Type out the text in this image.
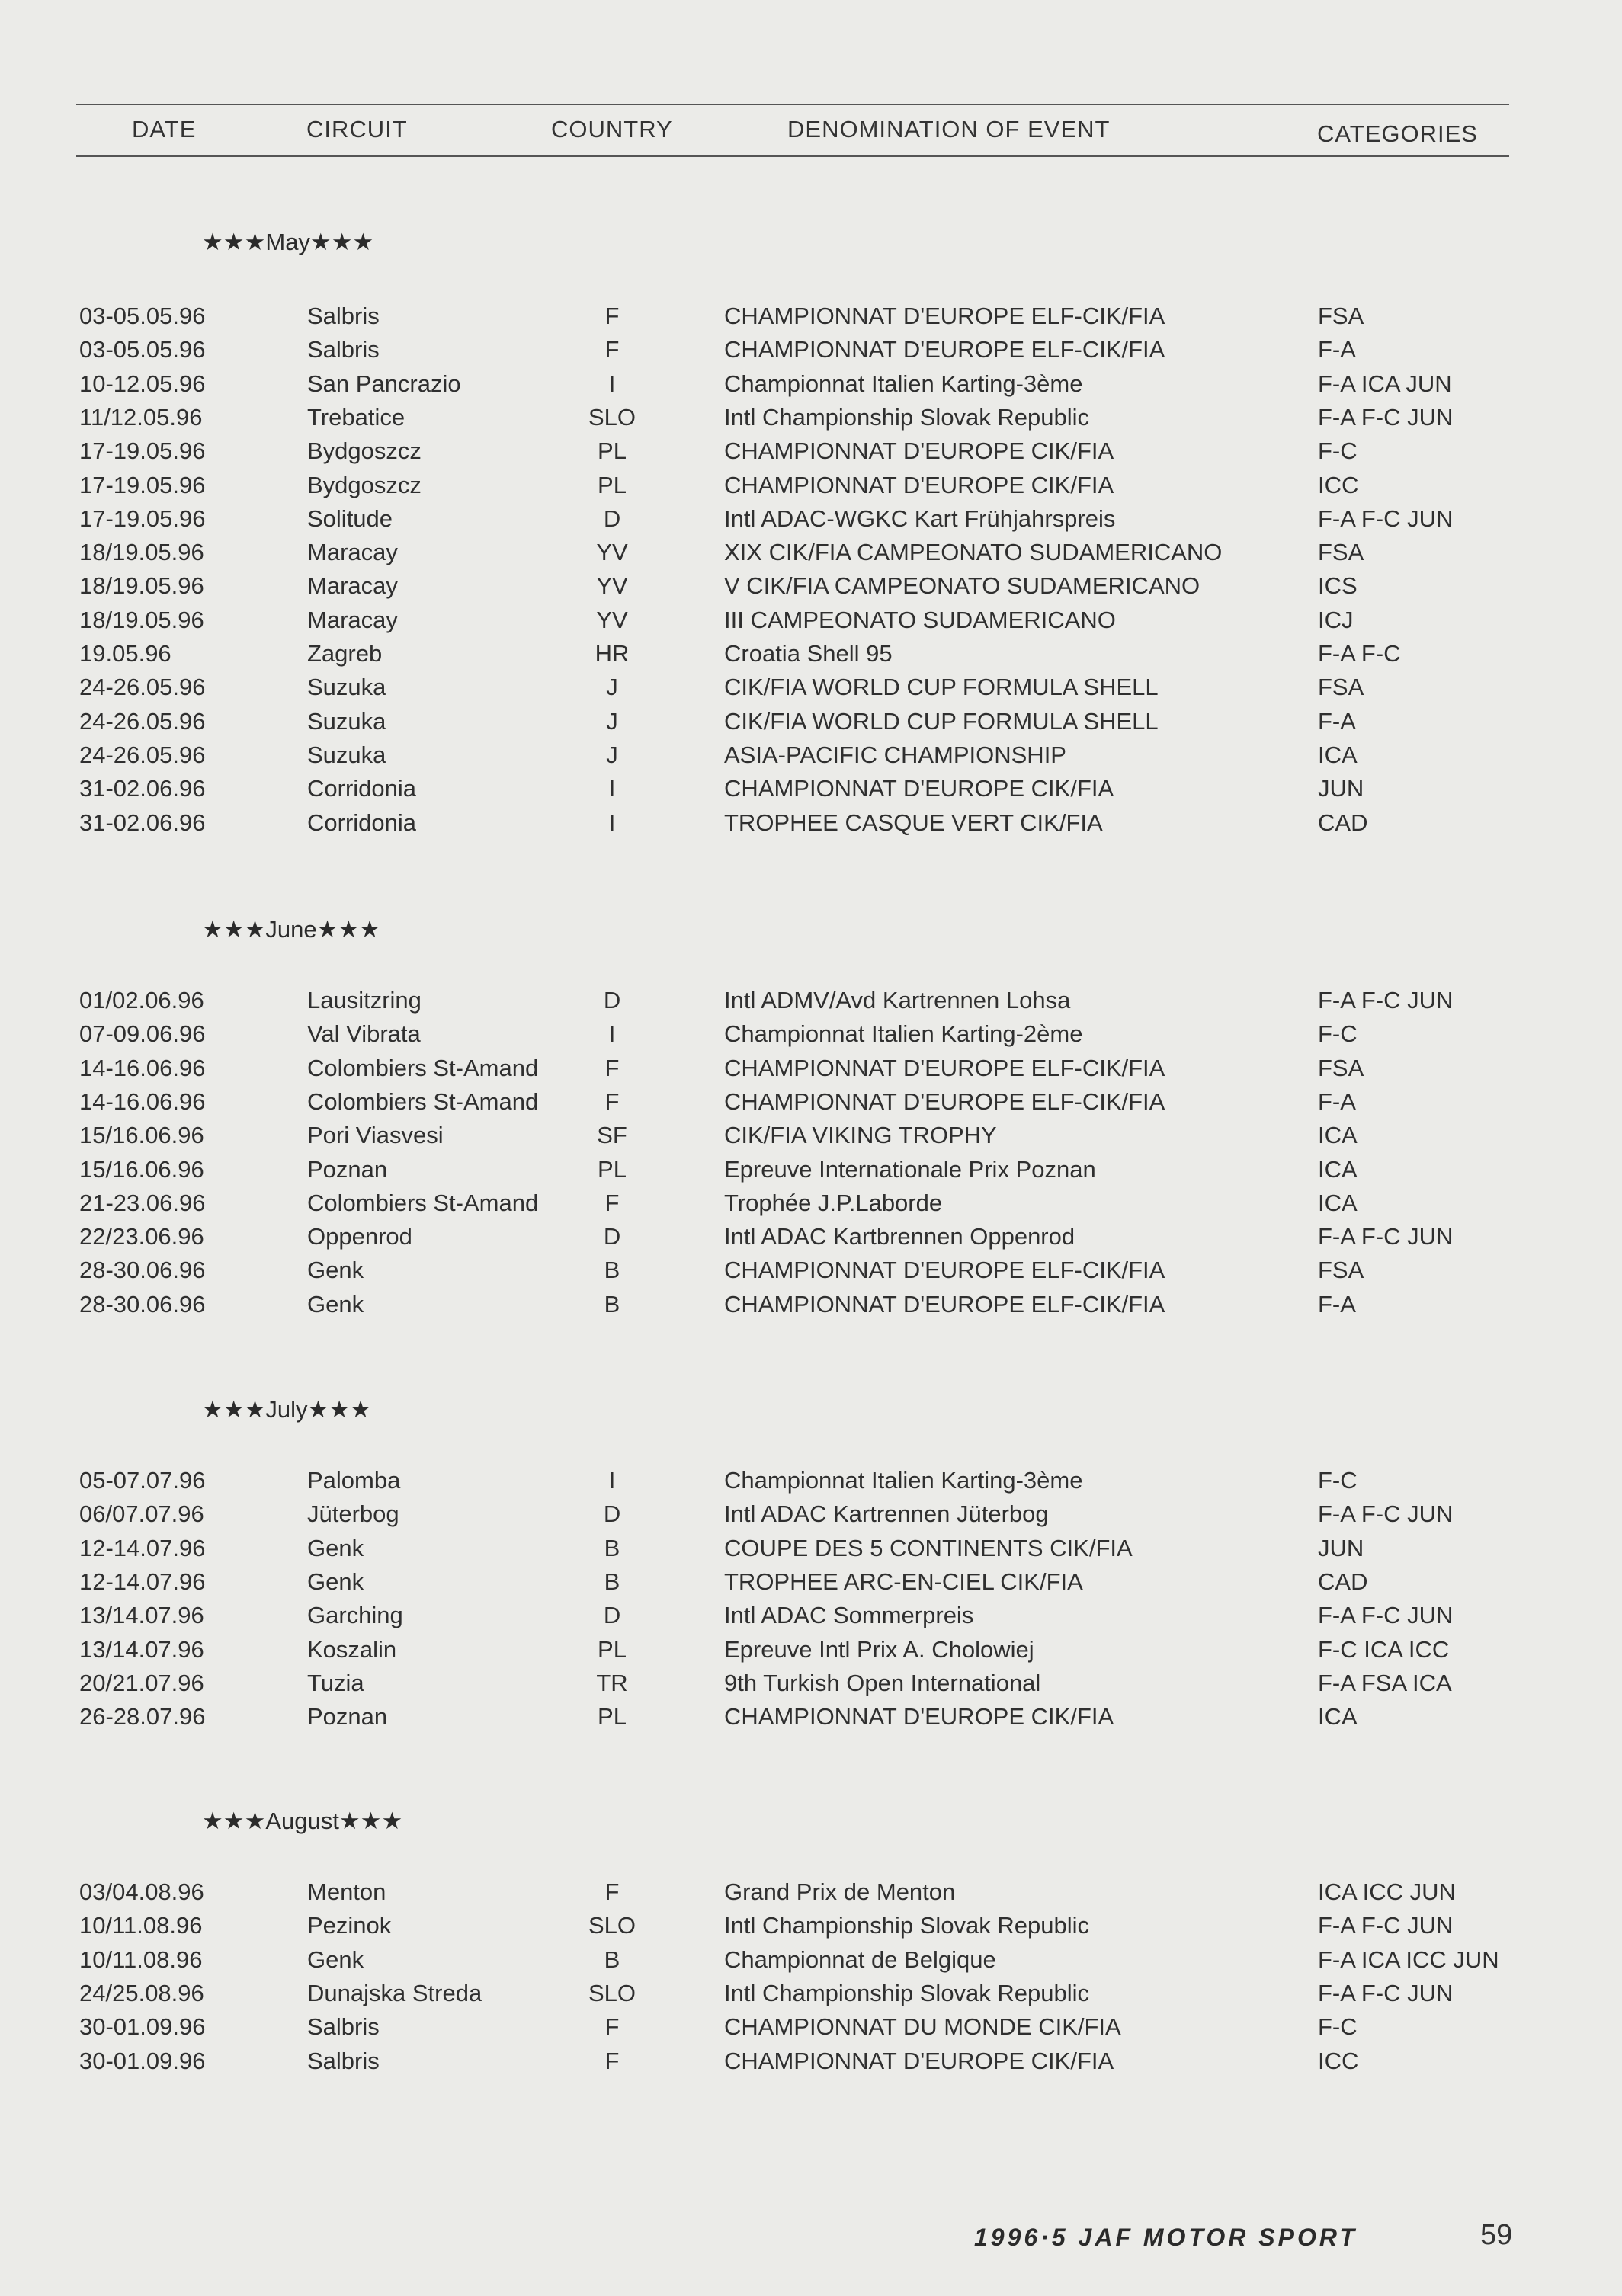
DATE	CIRCUIT	COUNTRY	DENOMINATION OF EVENT	CATEGORIES
★★★May★★★
03-05.05.96	Salbris	F	CHAMPIONNAT D'EUROPE ELF-CIK/FIA	FSA
03-05.05.96	Salbris	F	CHAMPIONNAT D'EUROPE ELF-CIK/FIA	F-A
10-12.05.96	San Pancrazio	I	Championnat Italien Karting-3ème	F-A ICA JUN
11/12.05.96	Trebatice	SLO	Intl Championship Slovak Republic	F-A F-C JUN
17-19.05.96	Bydgoszcz	PL	CHAMPIONNAT D'EUROPE CIK/FIA	F-C
17-19.05.96	Bydgoszcz	PL	CHAMPIONNAT D'EUROPE CIK/FIA	ICC
17-19.05.96	Solitude	D	Intl ADAC-WGKC Kart Frühjahrspreis	F-A F-C JUN
18/19.05.96	Maracay	YV	XIX CIK/FIA CAMPEONATO SUDAMERICANO	FSA
18/19.05.96	Maracay	YV	V CIK/FIA CAMPEONATO SUDAMERICANO	ICS
18/19.05.96	Maracay	YV	III CAMPEONATO SUDAMERICANO	ICJ
19.05.96	Zagreb	HR	Croatia Shell 95	F-A F-C
24-26.05.96	Suzuka	J	CIK/FIA WORLD CUP FORMULA SHELL	FSA
24-26.05.96	Suzuka	J	CIK/FIA WORLD CUP FORMULA SHELL	F-A
24-26.05.96	Suzuka	J	ASIA-PACIFIC CHAMPIONSHIP	ICA
31-02.06.96	Corridonia	I	CHAMPIONNAT D'EUROPE CIK/FIA	JUN
31-02.06.96	Corridonia	I	TROPHEE CASQUE VERT CIK/FIA	CAD
★★★June★★★
01/02.06.96	Lausitzring	D	Intl ADMV/Avd Kartrennen Lohsa	F-A F-C JUN
07-09.06.96	Val Vibrata	I	Championnat Italien Karting-2ème	F-C
14-16.06.96	Colombiers St-Amand	F	CHAMPIONNAT D'EUROPE ELF-CIK/FIA	FSA
14-16.06.96	Colombiers St-Amand	F	CHAMPIONNAT D'EUROPE ELF-CIK/FIA	F-A
15/16.06.96	Pori Viasvesi	SF	CIK/FIA VIKING TROPHY	ICA
15/16.06.96	Poznan	PL	Epreuve Internationale Prix Poznan	ICA
21-23.06.96	Colombiers St-Amand	F	Trophée J.P.Laborde	ICA
22/23.06.96	Oppenrod	D	Intl ADAC Kartbrennen Oppenrod	F-A F-C JUN
28-30.06.96	Genk	B	CHAMPIONNAT D'EUROPE ELF-CIK/FIA	FSA
28-30.06.96	Genk	B	CHAMPIONNAT D'EUROPE ELF-CIK/FIA	F-A
★★★July★★★
05-07.07.96	Palomba	I	Championnat Italien Karting-3ème	F-C
06/07.07.96	Jüterbog	D	Intl ADAC Kartrennen Jüterbog	F-A F-C JUN
12-14.07.96	Genk	B	COUPE DES 5 CONTINENTS CIK/FIA	JUN
12-14.07.96	Genk	B	TROPHEE ARC-EN-CIEL CIK/FIA	CAD
13/14.07.96	Garching	D	Intl ADAC Sommerpreis	F-A F-C JUN
13/14.07.96	Koszalin	PL	Epreuve Intl Prix A. Cholowiej	F-C ICA ICC
20/21.07.96	Tuzia	TR	9th Turkish Open International	F-A FSA ICA
26-28.07.96	Poznan	PL	CHAMPIONNAT D'EUROPE CIK/FIA	ICA
★★★August★★★
03/04.08.96	Menton	F	Grand Prix de Menton	ICA ICC JUN
10/11.08.96	Pezinok	SLO	Intl Championship Slovak Republic	F-A F-C JUN
10/11.08.96	Genk	B	Championnat de Belgique	F-A ICA ICC JUN
24/25.08.96	Dunajska Streda	SLO	Intl Championship Slovak Republic	F-A F-C JUN
30-01.09.96	Salbris	F	CHAMPIONNAT DU MONDE CIK/FIA	F-C
30-01.09.96	Salbris	F	CHAMPIONNAT D'EUROPE CIK/FIA	ICC
1996·5 JAF MOTOR SPORT	59
